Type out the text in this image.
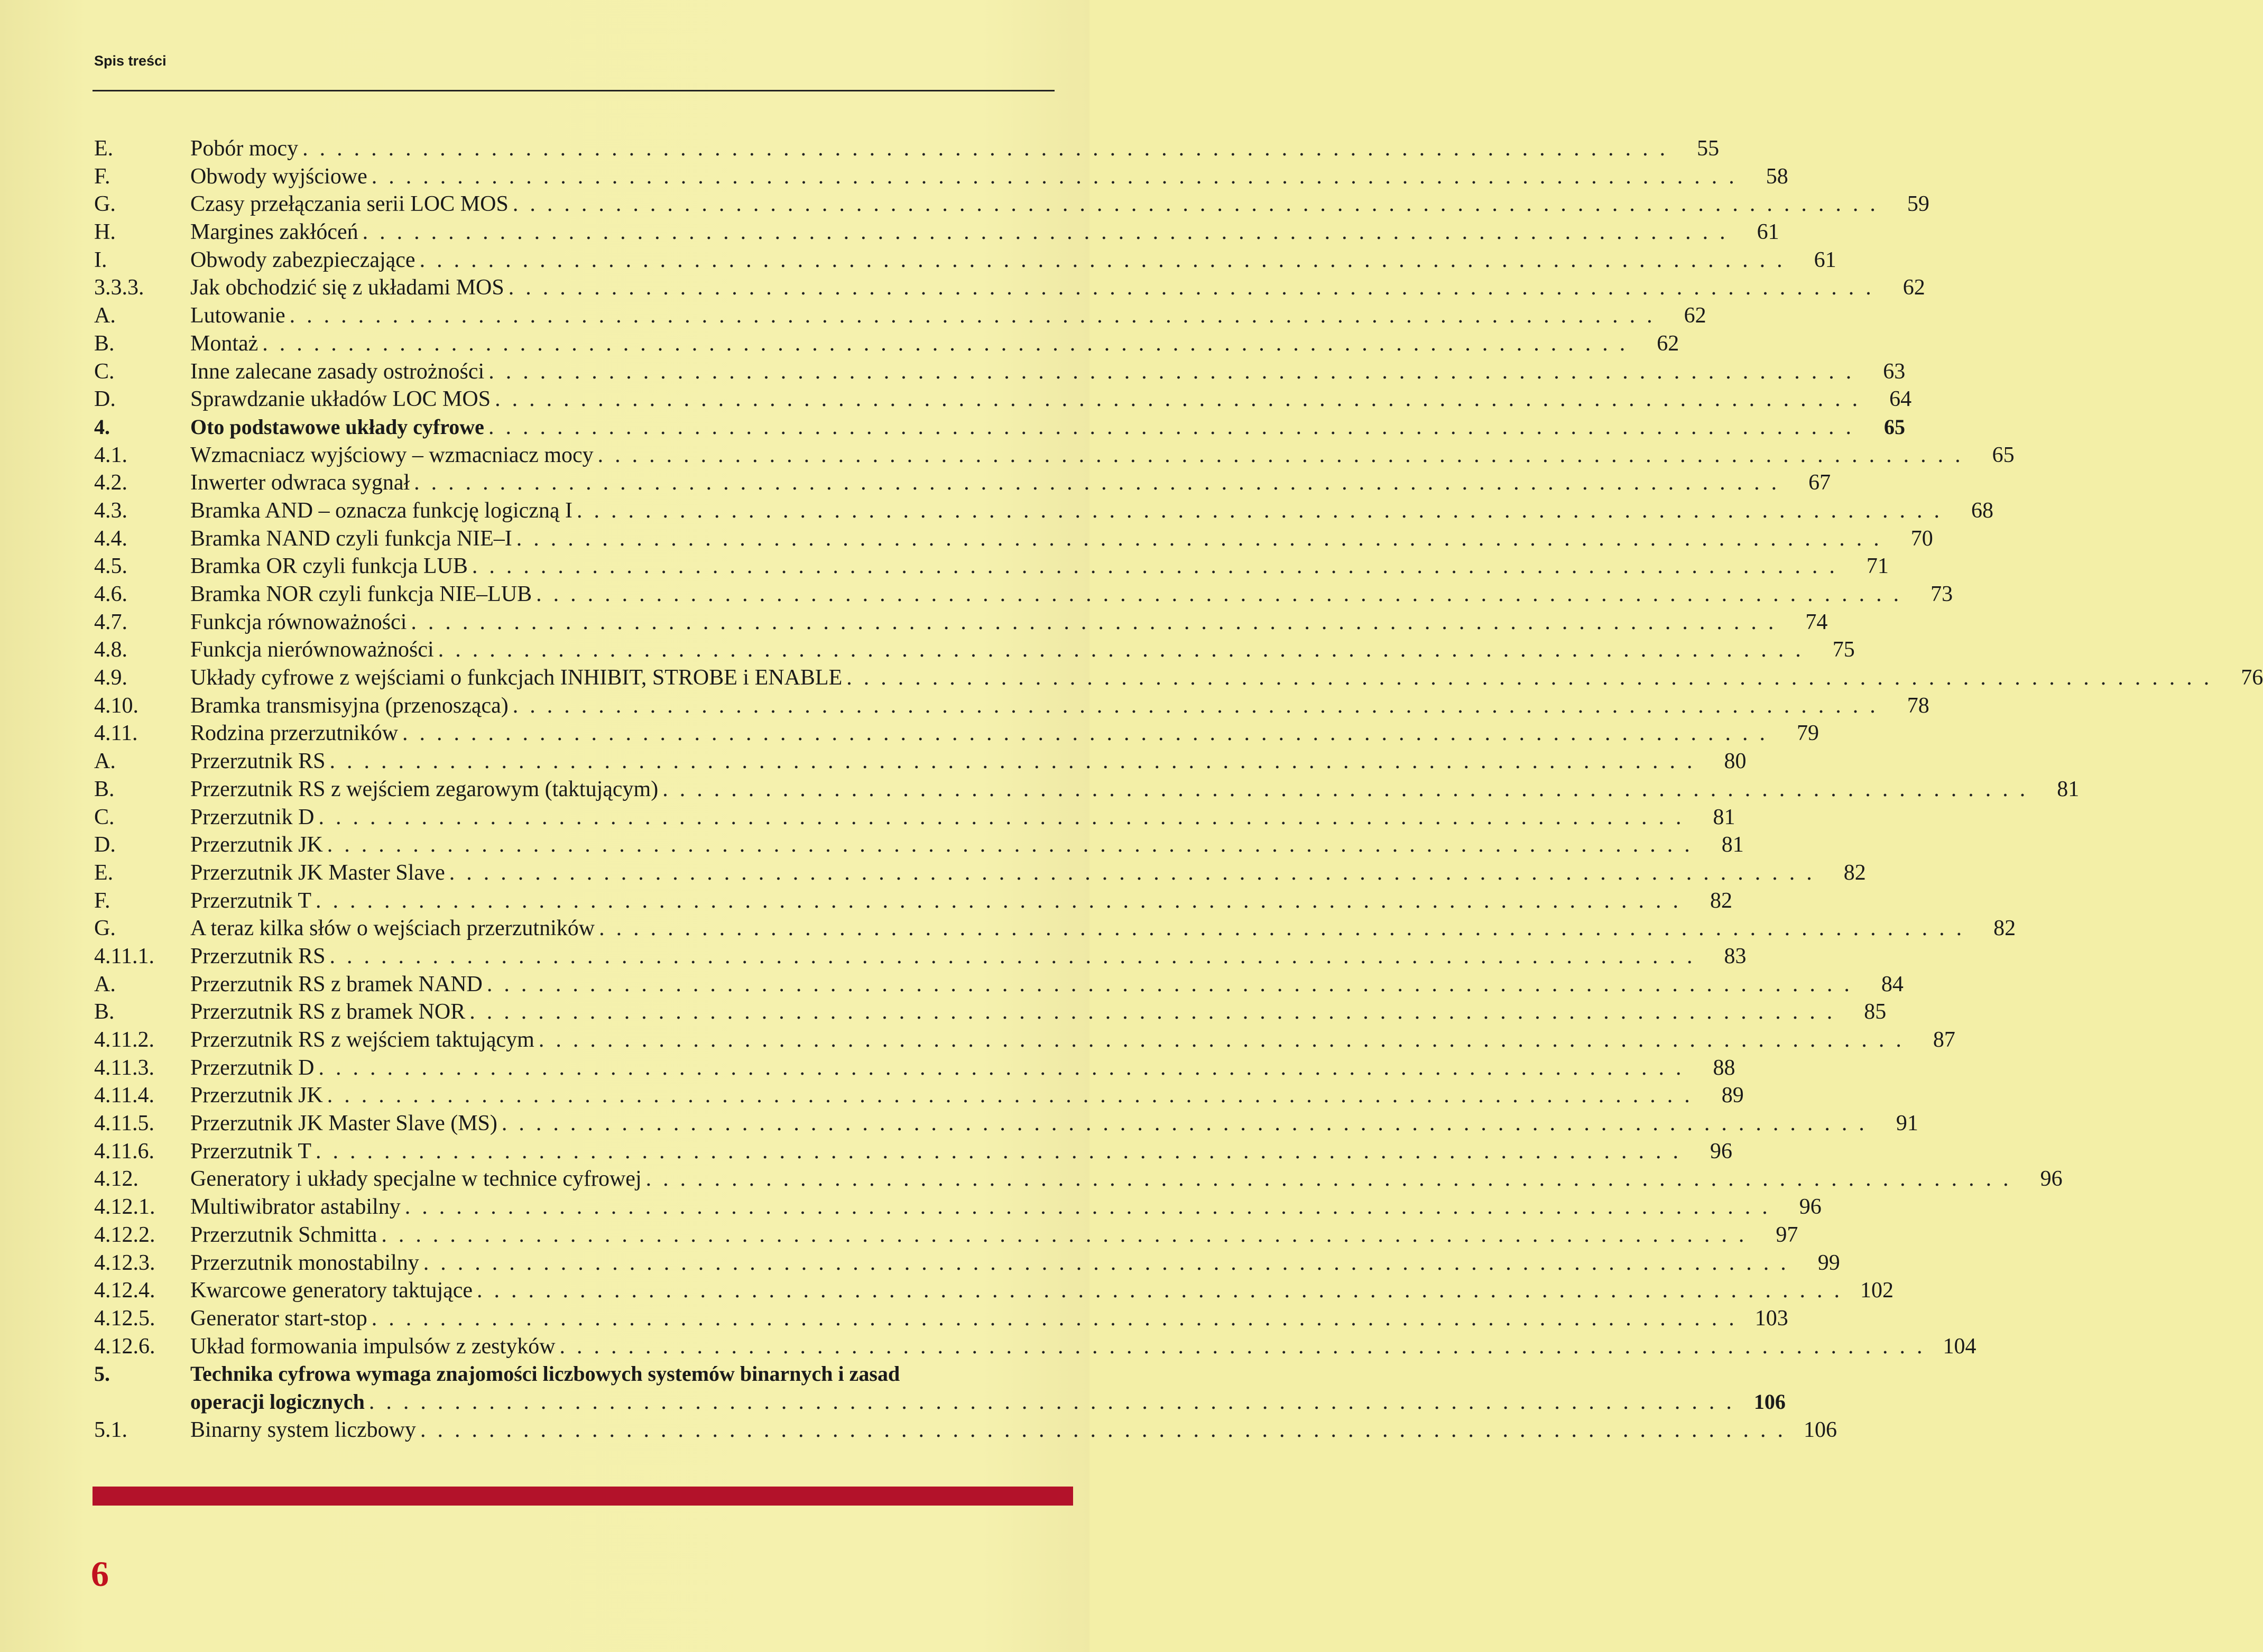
Spis treści
E.	Pobór mocy ................................................................................ 55
F.	Obwody wyjściowe ................................................................................ 58
G.	Czasy przełączania serii LOC MOS ................................................................................ 59
H.	Margines zakłóceń ................................................................................ 61
I.	Obwody zabezpieczające ................................................................................ 61
3.3.3. Jak obchodzić się z układami MOS ................................................................................ 62
A.	Lutowanie ................................................................................ 62
B.	Montaż ................................................................................ 62
C.	Inne zalecane zasady ostrożności ................................................................................ 63
D.	Sprawdzanie układów LOC MOS ................................................................................ 64
4.	Oto podstawowe układy cyfrowe ................................................................................	65
4.1.	Wzmacniacz wyjściowy – wzmacniacz mocy ................................................................................ 65
4.2.	Inwerter odwraca sygnał ................................................................................ 67
4.3.	Bramka AND – oznacza funkcję logiczną I ................................................................................ 68
4.4.	Bramka NAND czyli funkcja NIE–I ................................................................................ 70
4.5.	Bramka OR czyli funkcja LUB ................................................................................ 71
4.6.	Bramka NOR czyli funkcja NIE–LUB ................................................................................ 73
4.7.	Funkcja równoważności ................................................................................ 74
4.8.	Funkcja nierównoważności ................................................................................ 75
4.9.	Układy cyfrowe z wejściami o funkcjach INHIBIT, STROBE i ENABLE ................................................................................ 76
4.10. Bramka transmisyjna (przenosząca) ................................................................................ 78
4.11. Rodzina przerzutników ................................................................................ 79
A.	Przerzutnik RS ................................................................................ 80
B.	Przerzutnik RS z wejściem zegarowym (taktującym) ................................................................................ 81
C.	Przerzutnik D ................................................................................ 81
D.	Przerzutnik JK ................................................................................ 81
E.	Przerzutnik JK Master Slave ................................................................................ 82
F.	Przerzutnik T ................................................................................ 82
G.	A teraz kilka słów o wejściach przerzutników ................................................................................ 82
4.11.1. Przerzutnik RS ................................................................................ 83
A.	Przerzutnik RS z bramek NAND ................................................................................ 84
B.	Przerzutnik RS z bramek NOR ................................................................................ 85
4.11.2. Przerzutnik RS z wejściem taktującym ................................................................................ 87
4.11.3. Przerzutnik D ................................................................................ 88
4.11.4. Przerzutnik JK ................................................................................ 89
4.11.5. Przerzutnik JK Master Slave (MS) ................................................................................ 91
4.11.6. Przerzutnik T ................................................................................ 96
4.12. Generatory i układy specjalne w technice cyfrowej ................................................................................ 96
4.12.1. Multiwibrator astabilny ................................................................................ 96
4.12.2. Przerzutnik Schmitta ................................................................................ 97
4.12.3. Przerzutnik monostabilny ................................................................................ 99
4.12.4. Kwarcowe generatory taktujące ................................................................................ 102
4.12.5. Generator start-stop ................................................................................ 103
4.12.6. Układ formowania impulsów z zestyków ................................................................................ 104
5.	Technika cyfrowa wymaga znajomości liczbowych systemów binarnych i zasad
operacji logicznych ................................................................................ 106
5.1.	Binarny system liczbowy ................................................................................ 106
6
